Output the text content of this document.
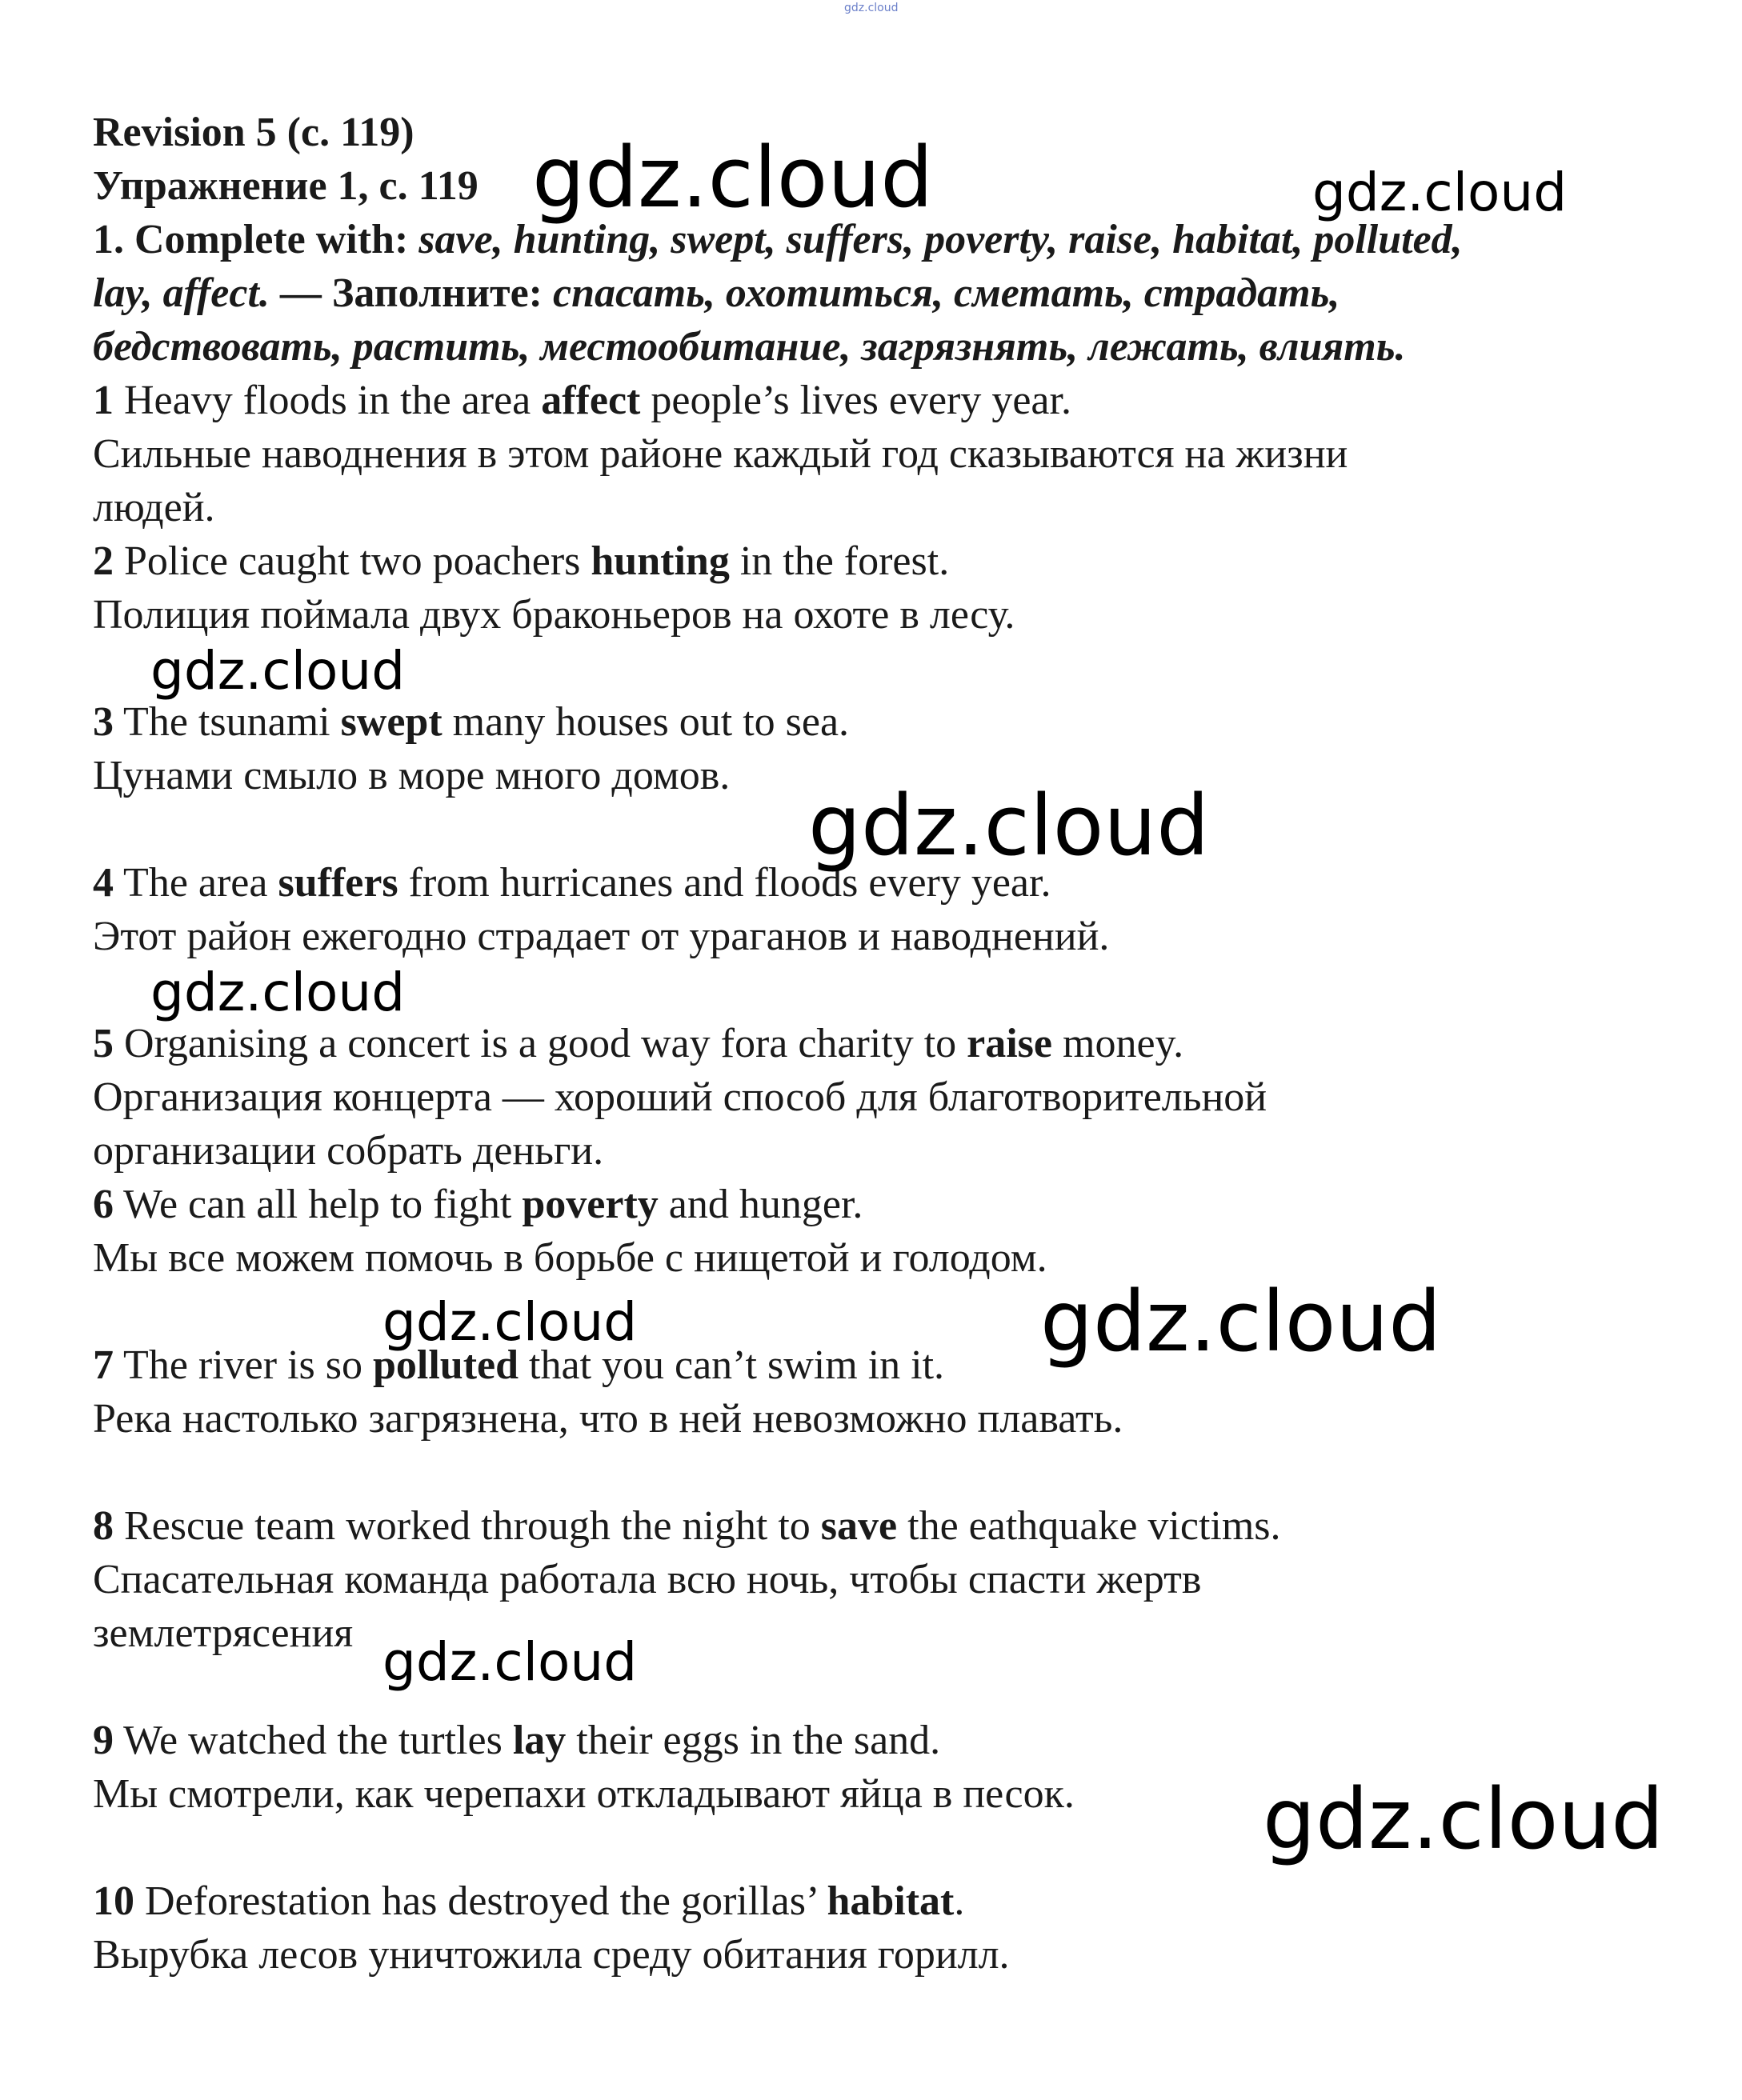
gdz.cloud
Revision 5 (с. 119)
Упражнение 1, с. 119
1. Complete with: save, hunting, swept, suffers, poverty, raise, habitat, polluted,
lay, affect. — Заполните: спасать, охотиться, сметать, страдать,
бедствовать, растить, местообитание, загрязнять, лежать, влиять.
1 Heavy floods in the area affect people’s lives every year.
Сильные наводнения в этом районе каждый год сказываются на жизни
людей.
2 Police caught two poachers hunting in the forest.
Полиция поймала двух браконьеров на охоте в лесу.
3 The tsunami swept many houses out to sea.
Цунами смыло в море много домов.
4 The area suffers from hurricanes and floods every year.
Этот район ежегодно страдает от ураганов и наводнений.
5 Organising a concert is a good way fora charity to raise money.
Организация концерта — хороший способ для благотворительной
организации собрать деньги.
6 We can all help to fight poverty and hunger.
Мы все можем помочь в борьбе с нищетой и голодом.
7 The river is so polluted that you can’t swim in it.
Река настолько загрязнена, что в ней невозможно плавать.
8 Rescue team worked through the night to save the eathquake victims.
Спасательная команда работала всю ночь, чтобы спасти жертв
землетрясения
9 We watched the turtles lay their eggs in the sand.
Мы смотрели, как черепахи откладывают яйца в песок.
10 Deforestation has destroyed the gorillas’ habitat.
Вырубка лесов уничтожила среду обитания горилл.
gdz.cloud	gdz.cloud
gdz.cloud
gdz.cloud
gdz.cloud
gdz.cloud	gdz.cloud
gdz.cloud
gdz.cloud
